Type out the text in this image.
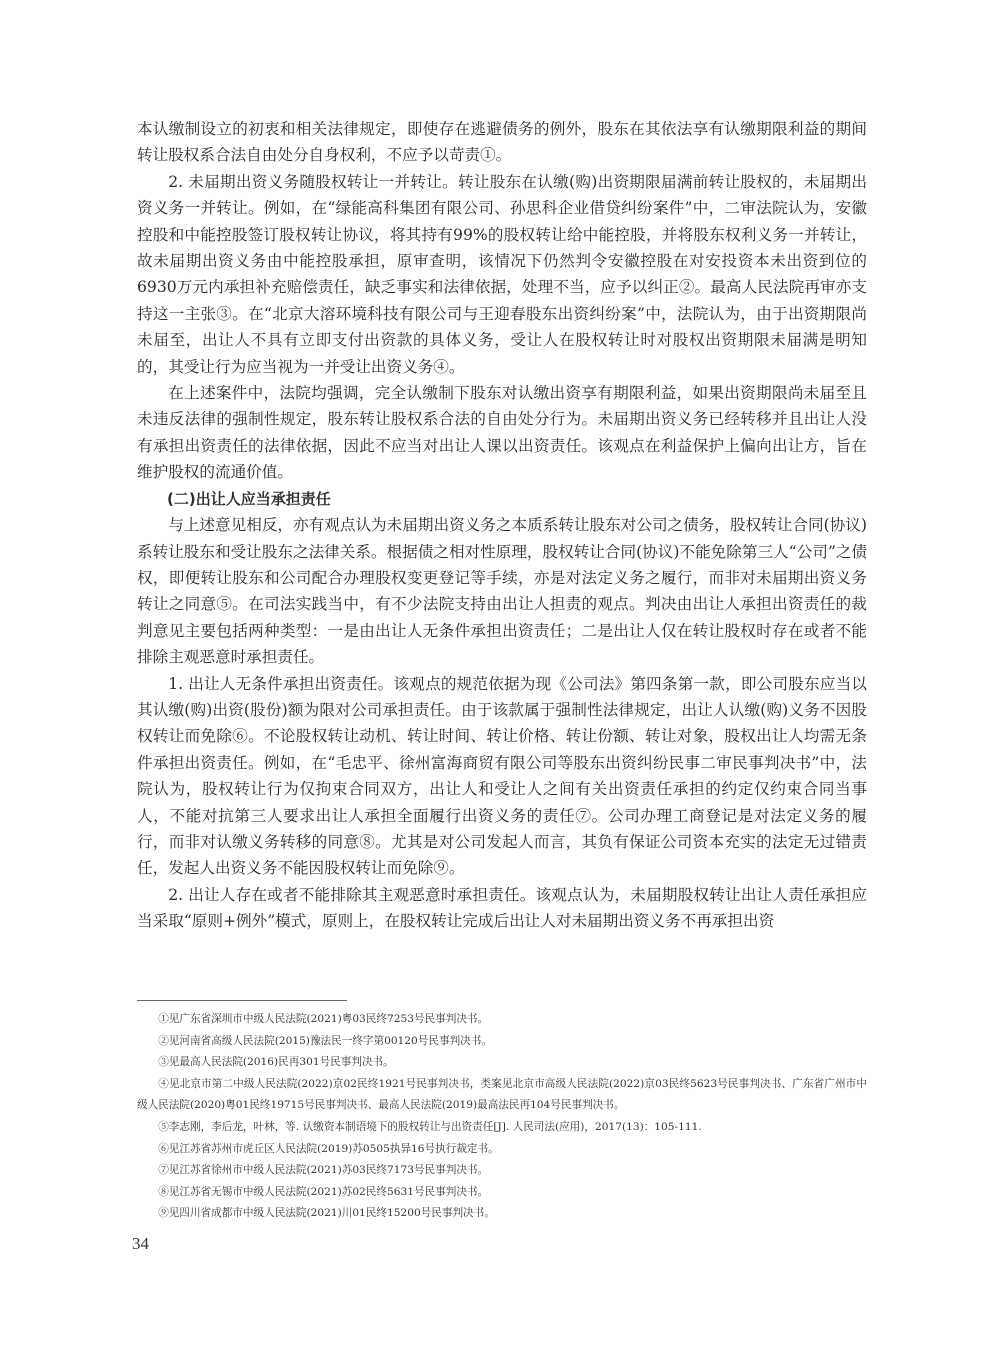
本认缴制设立的初衷和相关法律规定，即使存在逃避债务的例外，股东在其依法享有认缴期限利益的期间转让股权系合法自由处分自身权利，不应予以苛责①。

2. 未届期出资义务随股权转让一并转让。转让股东在认缴(购)出资期限届满前转让股权的，未届期出资义务一并转让。例如，在“绿能高科集团有限公司、孙思科企业借贷纠纷案件”中，二审法院认为，安徽控股和中能控股签订股权转让协议，将其持有99%的股权转让给中能控股，并将股东权利义务一并转让，故未届期出资义务由中能控股承担，原审查明，该情况下仍然判令安徽控股在对安投资本未出资到位的6930万元内承担补充赔偿责任，缺乏事实和法律依据，处理不当，应予以纠正②。最高人民法院再审亦支持这一主张③。在“北京大溶环境科技有限公司与王迎春股东出资纠纷案”中，法院认为，由于出资期限尚未届至，出让人不具有立即支付出资款的具体义务，受让人在股权转让时对股权出资期限未届满是明知的，其受让行为应当视为一并受让出资义务④。

在上述案件中，法院均强调，完全认缴制下股东对认缴出资享有期限利益，如果出资期限尚未届至且未违反法律的强制性规定，股东转让股权系合法的自由处分行为。未届期出资义务已经转移并且出让人没有承担出资责任的法律依据，因此不应当对出让人课以出资责任。该观点在利益保护上偏向出让方，旨在维护股权的流通价值。

(二)出让人应当承担责任

与上述意见相反，亦有观点认为未届期出资义务之本质系转让股东对公司之债务，股权转让合同(协议)系转让股东和受让股东之法律关系。根据债之相对性原理，股权转让合同(协议)不能免除第三人“公司”之债权，即便转让股东和公司配合办理股权变更登记等手续，亦是对法定义务之履行，而非对未届期出资义务转让之同意⑤。在司法实践当中，有不少法院支持由出让人担责的观点。判决由出让人承担出资责任的裁判意见主要包括两种类型：一是由出让人无条件承担出资责任；二是出让人仅在转让股权时存在或者不能排除主观恶意时承担责任。

1. 出让人无条件承担出资责任。该观点的规范依据为现《公司法》第四条第一款，即公司股东应当以其认缴(购)出资(股份)额为限对公司承担责任。由于该款属于强制性法律规定，出让人认缴(购)义务不因股权转让而免除⑥。不论股权转让动机、转让时间、转让价格、转让份额、转让对象，股权出让人均需无条件承担出资责任。例如，在“毛忠平、徐州富海商贸有限公司等股东出资纠纷民事二审民事判决书”中，法院认为，股权转让行为仅拘束合同双方，出让人和受让人之间有关出资责任承担的约定仅约束合同当事人，不能对抗第三人要求出让人承担全面履行出资义务的责任⑦。公司办理工商登记是对法定义务的履行，而非对认缴义务转移的同意⑧。尤其是对公司发起人而言，其负有保证公司资本充实的法定无过错责任，发起人出资义务不能因股权转让而免除⑨。

2. 出让人存在或者不能排除其主观恶意时承担责任。该观点认为，未届期股权转让出让人责任承担应当采取“原则+例外”模式，原则上，在股权转让完成后出让人对未届期出资义务不再承担出资

①见广东省深圳市中级人民法院(2021)粤03民终7253号民事判决书。

②见河南省高级人民法院(2015)豫法民一终字第00120号民事判决书。

③见最高人民法院(2016)民再301号民事判决书。

④见北京市第二中级人民法院(2022)京02民终1921号民事判决书，类案见北京市高级人民法院(2022)京03民终5623号民事判决书、广东省广州市中级人民法院(2020)粤01民终19715号民事判决书、最高人民法院(2019)最高法民再104号民事判决书。

⑤李志刚，李后龙，叶林，等. 认缴资本制语境下的股权转让与出资责任[J]. 人民司法(应用)，2017(13)：105-111.

⑥见江苏省苏州市虎丘区人民法院(2019)苏0505执异16号执行裁定书。

⑦见江苏省徐州市中级人民法院(2021)苏03民终7173号民事判决书。

⑧见江苏省无锡市中级人民法院(2021)苏02民终5631号民事判决书。

⑨见四川省成都市中级人民法院(2021)川01民终15200号民事判决书。

34
